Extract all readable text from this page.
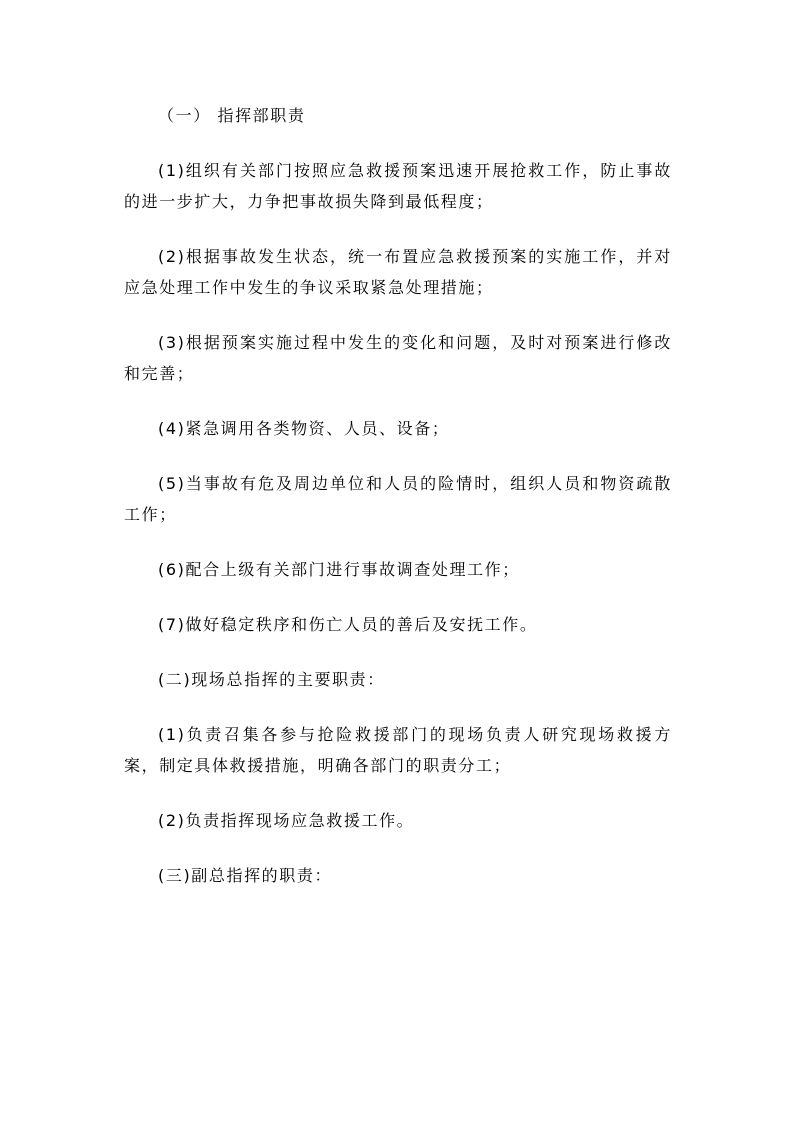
（一） 指挥部职责

(1)组织有关部门按照应急救援预案迅速开展抢救工作，防止事故的进一步扩大，力争把事故损失降到最低程度；

(2)根据事故发生状态，统一布置应急救援预案的实施工作，并对应急处理工作中发生的争议采取紧急处理措施；

(3)根据预案实施过程中发生的变化和问题，及时对预案进行修改和完善；

(4)紧急调用各类物资、人员、设备；

(5)当事故有危及周边单位和人员的险情时，组织人员和物资疏散工作；

(6)配合上级有关部门进行事故调查处理工作；

(7)做好稳定秩序和伤亡人员的善后及安抚工作。

(二)现场总指挥的主要职责：

(1)负责召集各参与抢险救援部门的现场负责人研究现场救援方案，制定具体救援措施，明确各部门的职责分工；

(2)负责指挥现场应急救援工作。

(三)副总指挥的职责：
